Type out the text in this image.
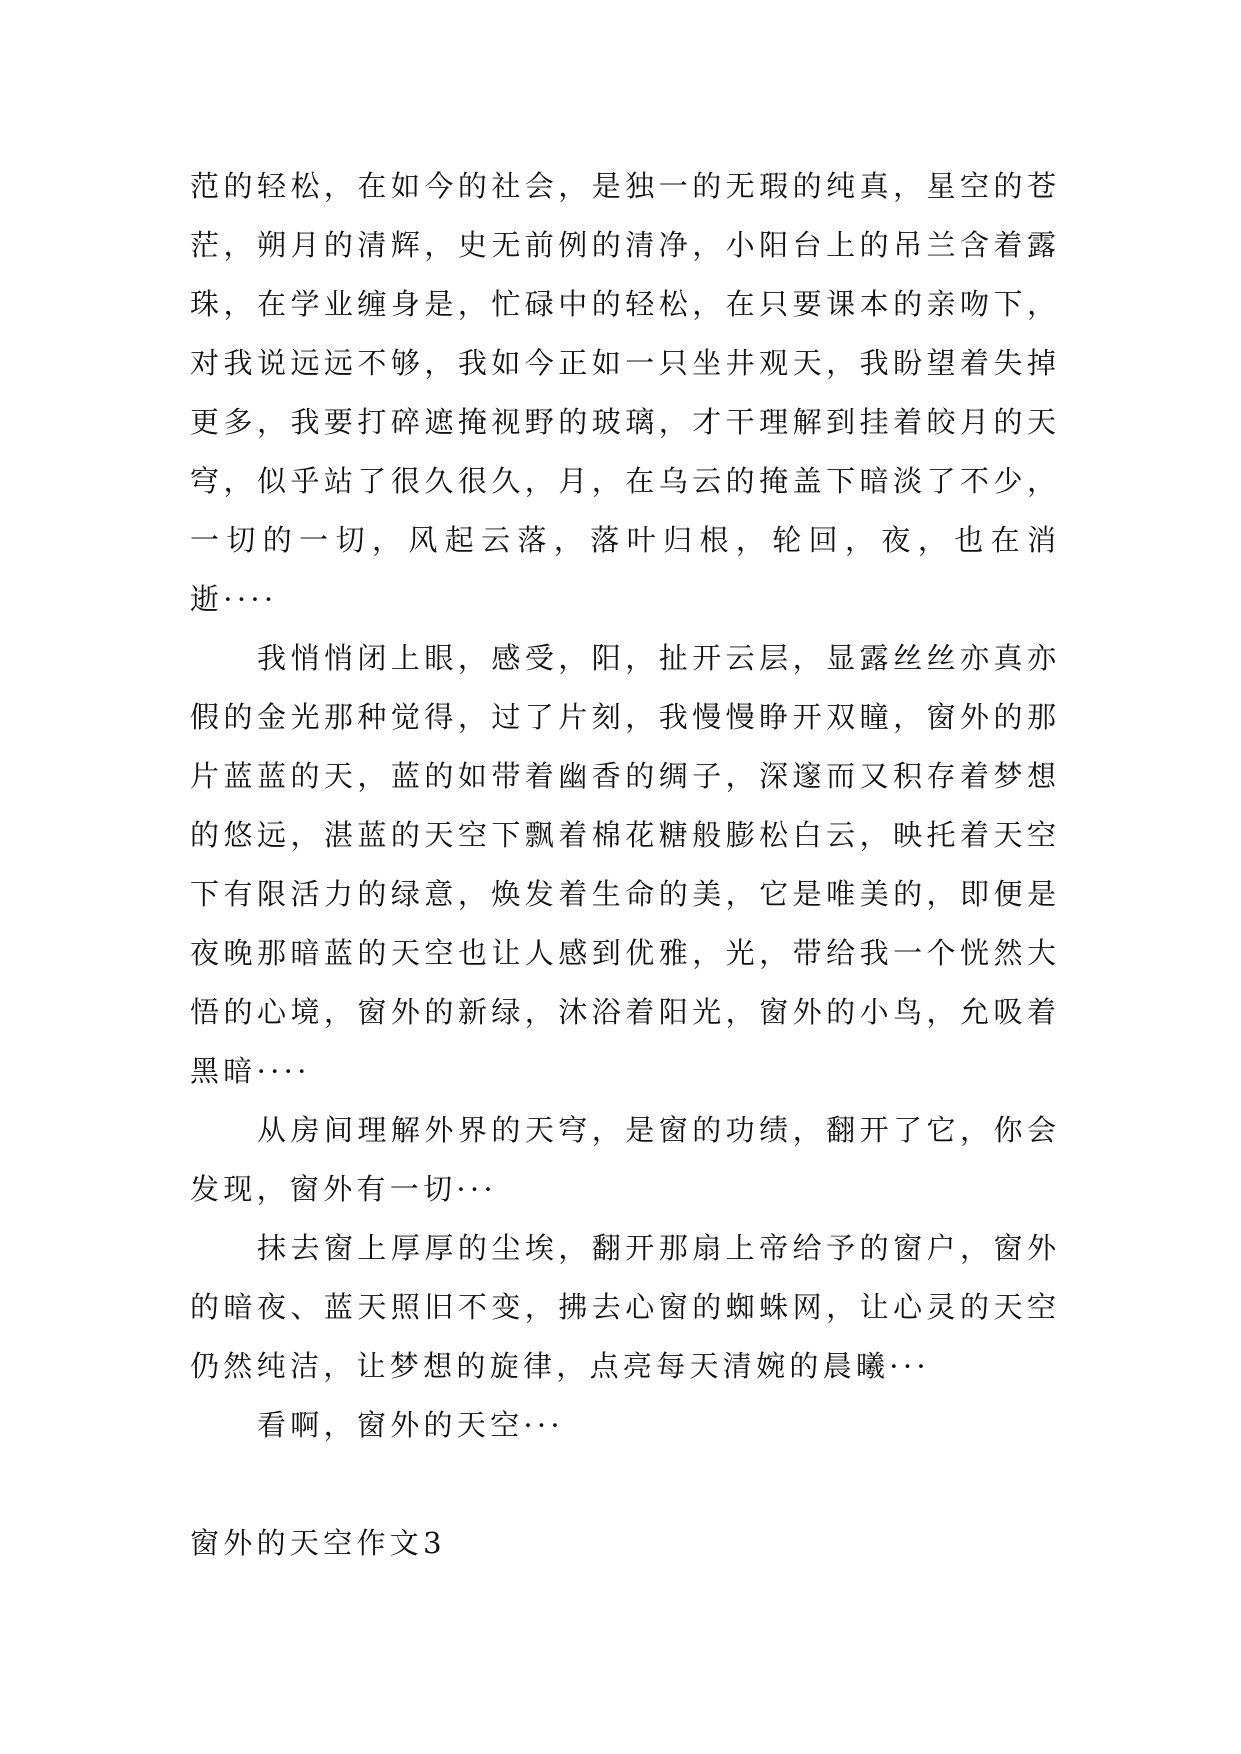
范的轻松，在如今的社会，是独一的无瑕的纯真，星空的苍
茫，朔月的清辉，史无前例的清净，小阳台上的吊兰含着露
珠，在学业缠身是，忙碌中的轻松，在只要课本的亲吻下，
对我说远远不够，我如今正如一只坐井观天，我盼望着失掉
更多，我要打碎遮掩视野的玻璃，才干理解到挂着皎月的天
穹，似乎站了很久很久，月，在乌云的掩盖下暗淡了不少，
一切的一切，风起云落，落叶归根，轮回，夜，也在消
逝····
我悄悄闭上眼，感受，阳，扯开云层，显露丝丝亦真亦
假的金光那种觉得，过了片刻，我慢慢睁开双瞳，窗外的那
片蓝蓝的天，蓝的如带着幽香的绸子，深邃而又积存着梦想
的悠远，湛蓝的天空下飘着棉花糖般膨松白云，映托着天空
下有限活力的绿意，焕发着生命的美，它是唯美的，即便是
夜晚那暗蓝的天空也让人感到优雅，光，带给我一个恍然大
悟的心境，窗外的新绿，沐浴着阳光，窗外的小鸟，允吸着
黑暗····
从房间理解外界的天穹，是窗的功绩，翻开了它，你会
发现，窗外有一切···
抹去窗上厚厚的尘埃，翻开那扇上帝给予的窗户，窗外
的暗夜、蓝天照旧不变，拂去心窗的蜘蛛网，让心灵的天空
仍然纯洁，让梦想的旋律，点亮每天清婉的晨曦···
看啊，窗外的天空···
窗外的天空作文3
